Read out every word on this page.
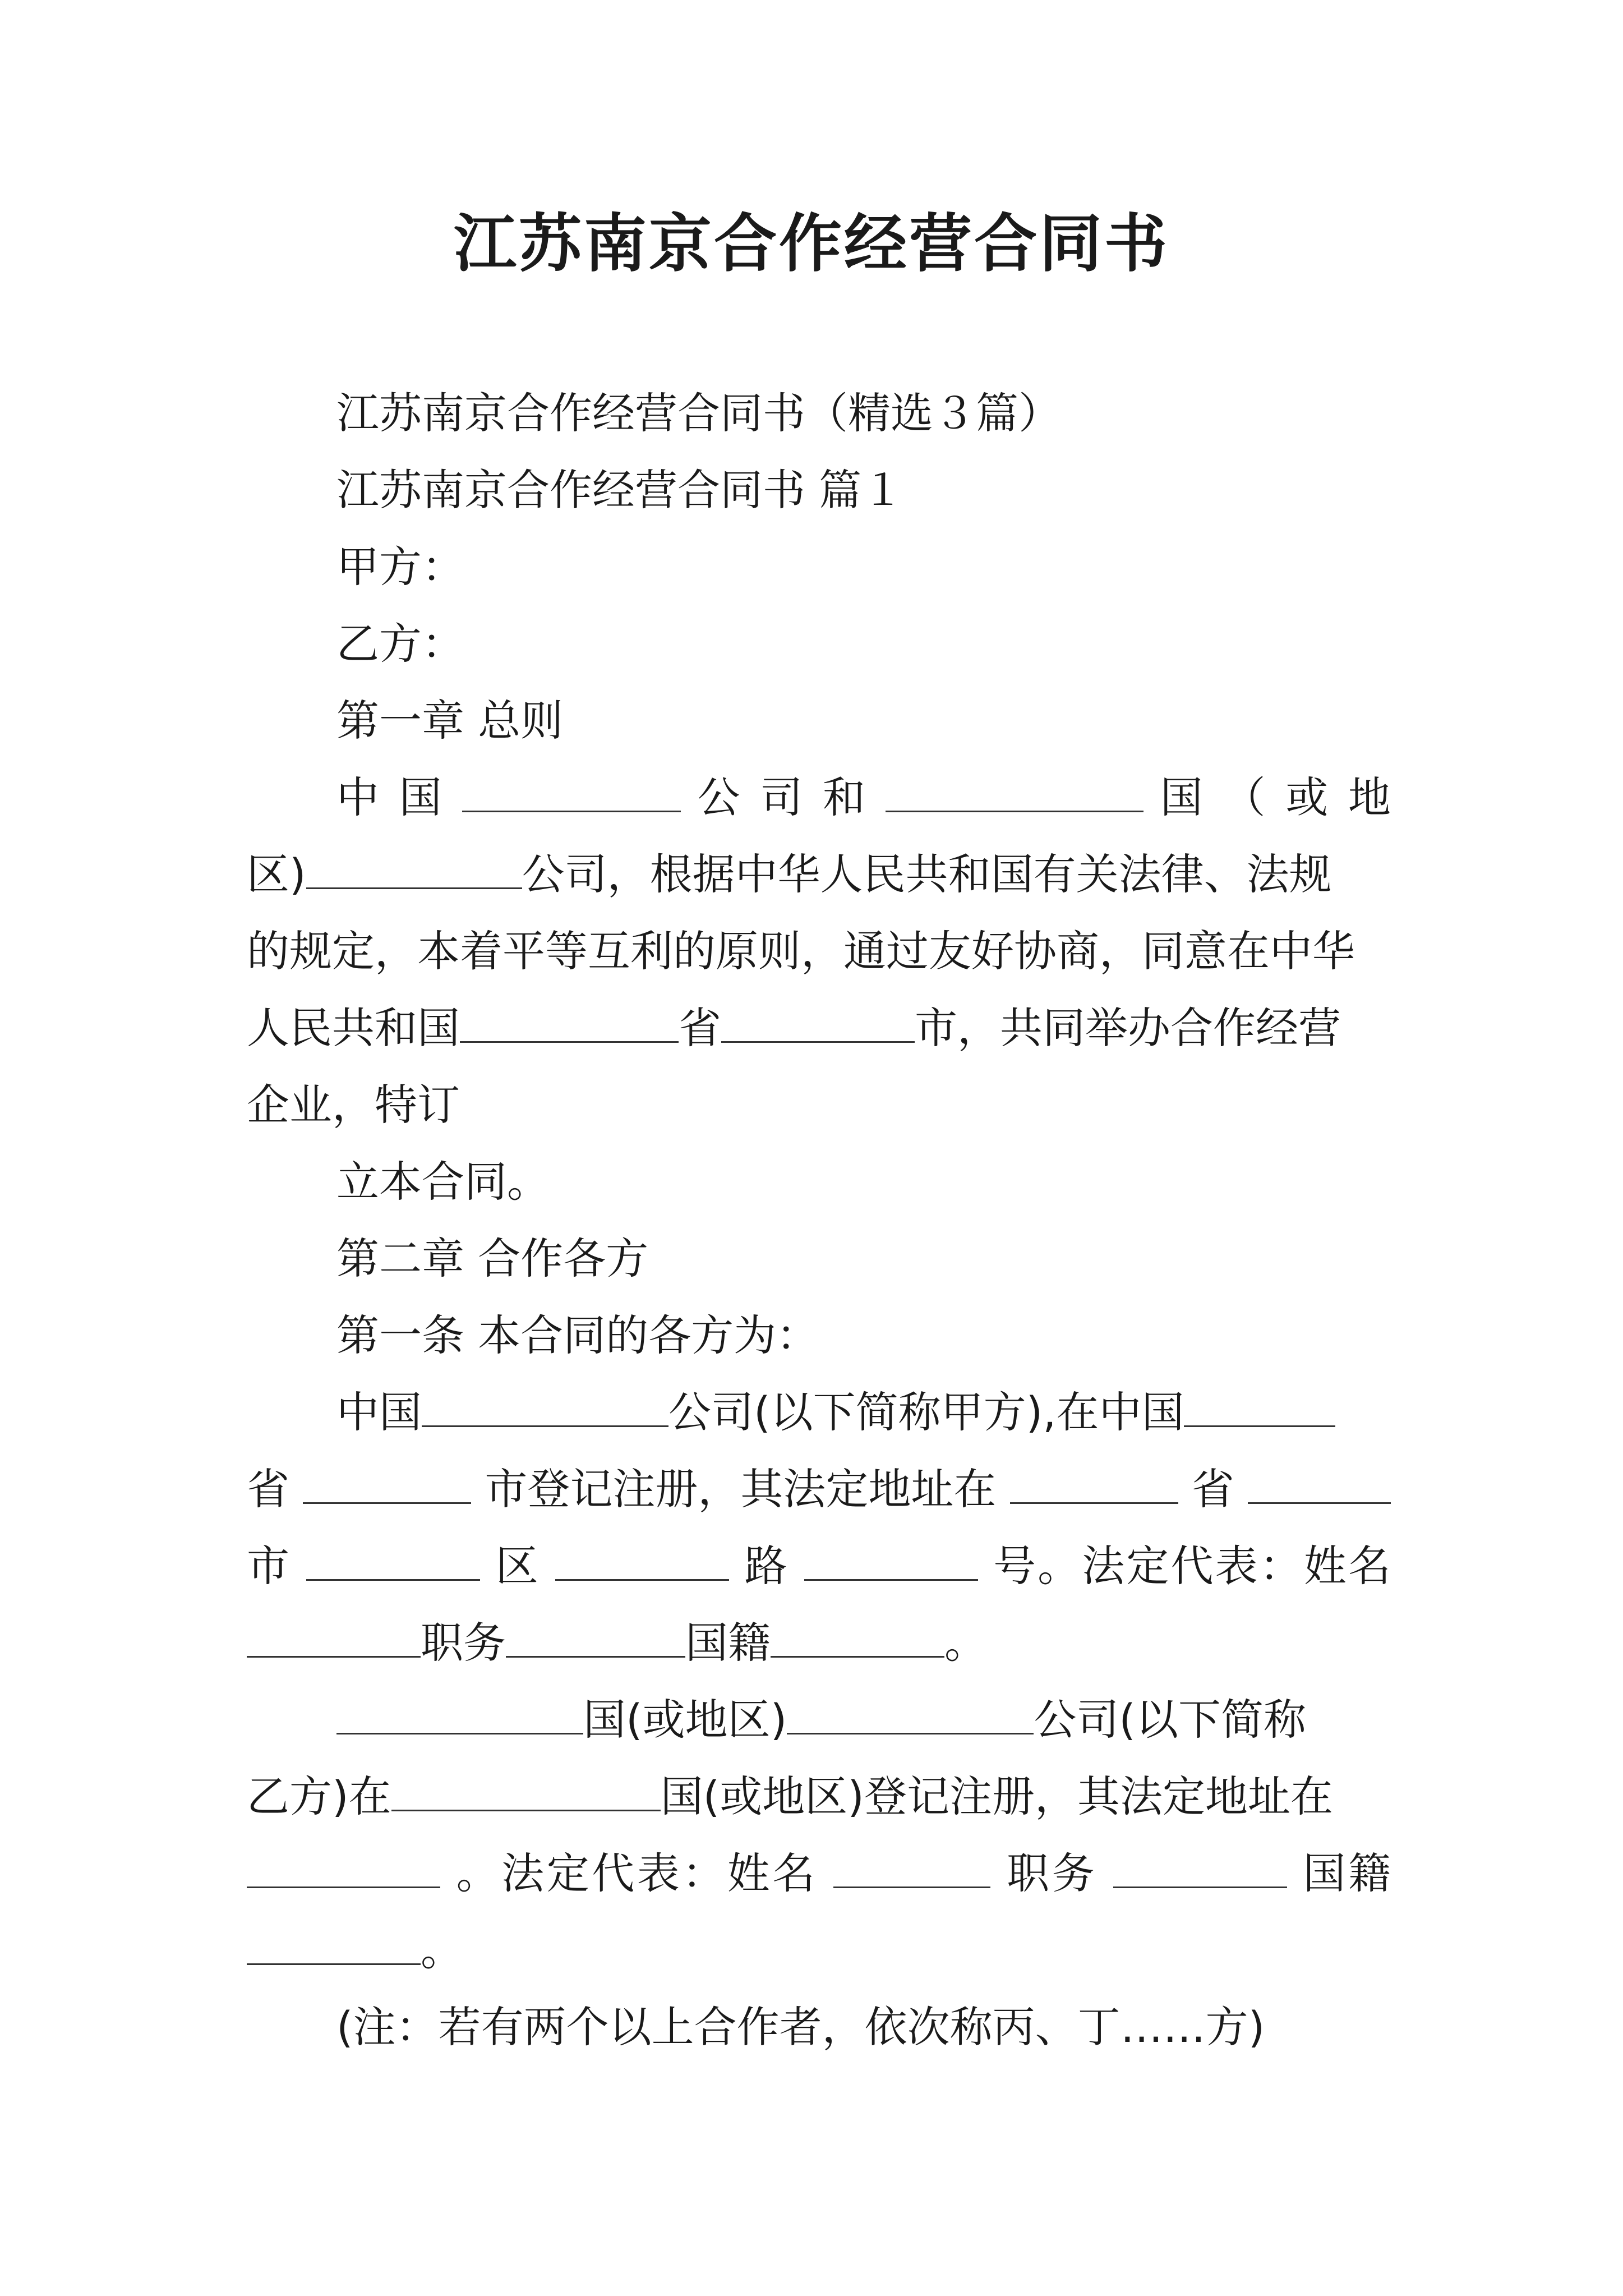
江苏南京合作经营合同书

江苏南京合作经营合同书（精选３篇）

江苏南京合作经营合同书 篇１

甲方：

乙方：

第一章 总则

中 国	公 司 和	国 （ 或 地

区)	公司，根据中华人民共和国有关法律、法规

的规定，本着平等互利的原则，通过友好协商，同意在中华

人民共和国	省	市，共同举办合作经营

企业，特订

立本合同。

第二章 合作各方

第一条 本合同的各方为：

中国	公司(以下简称甲方),在中国

省	市登记注册，其法定地址在	省

市	区	路	号。法定代表：姓名

职务	国籍	。

国(或地区)	公司(以下简称

乙方)在	国(或地区)登记注册，其法定地址在

。法定代表：姓名	职务	国籍

。

(注：若有两个以上合作者，依次称丙、丁……方)
